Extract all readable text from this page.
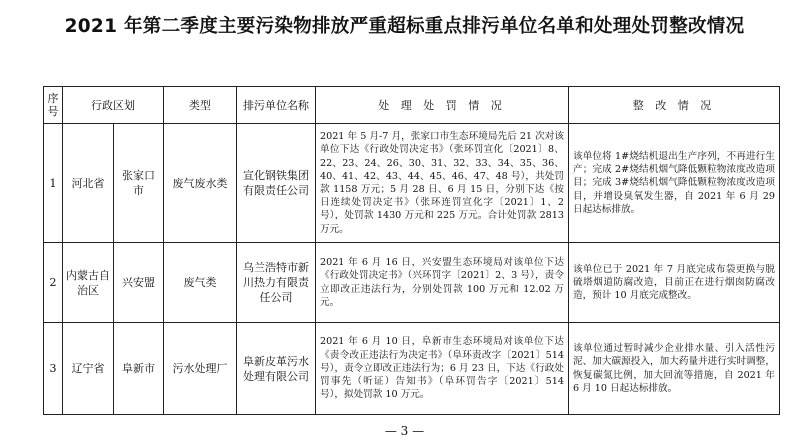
2021 年第二季度主要污染物排放严重超标重点排污单位名单和处理处罚整改情况
序号	行政区划		类型	排污单位名称	处 理 处 罚 情 况	整 改 情 况
1	河北省	张家口市	废气废水类	宣化钢铁集团有限责任公司	2021 年 5 月-7 月，张家口市生态环境局先后 21 次对该单位下达《行政处罚决定书》（张环罚宣化〔2021〕8、22、23、24、26、30、31、32、33、34、35、36、40、41、42、43、44、45、46、47、48 号），共处罚款 1158 万元；5 月 28 日、6 月 15 日，分别下达《按日连续处罚决定书》（张环连罚宣化字〔2021〕1、2 号），处罚款 1430 万元和 225 万元。合计处罚款 2813 万元。	该单位将 1#烧结机退出生产序列，不再进行生产；完成 2#烧结机烟气降低颗粒物浓度改造项目；完成 3#烧结机烟气降低颗粒物浓度改造项目，并增设臭氧发生器，自 2021 年 6 月 29 日起达标排放。
2	内蒙古自治区	兴安盟	废气类	乌兰浩特市新川热力有限责任公司	2021 年 6 月 16 日，兴安盟生态环境局对该单位下达《行政处罚决定书》（兴环罚字〔2021〕2、3 号），责令立即改正违法行为，分别处罚款 100 万元和 12.02 万元。	该单位已于 2021 年 7 月底完成布袋更换与脱硫塔烟道防腐改造，目前正在进行烟囱防腐改造，预计 10 月底完成整改。
3	辽宁省	阜新市	污水处理厂	阜新皮革污水处理有限公司	2021 年 6 月 10 日，阜新市生态环境局对该单位下达《责令改正违法行为决定书》（阜环责改字〔2021〕514 号），责令立即改正违法行为；6 月 23 日，下达《行政处罚事先（听证）告知书》（阜环罚告字〔2021〕514 号），拟处罚款 10 万元。	该单位通过暂时减少企业排水量、引入活性污泥、加大碳源投入，加大药量并进行实时调整，恢复碳氮比例，加大回流等措施，自 2021 年 6 月 10 日起达标排放。
— 3 —
